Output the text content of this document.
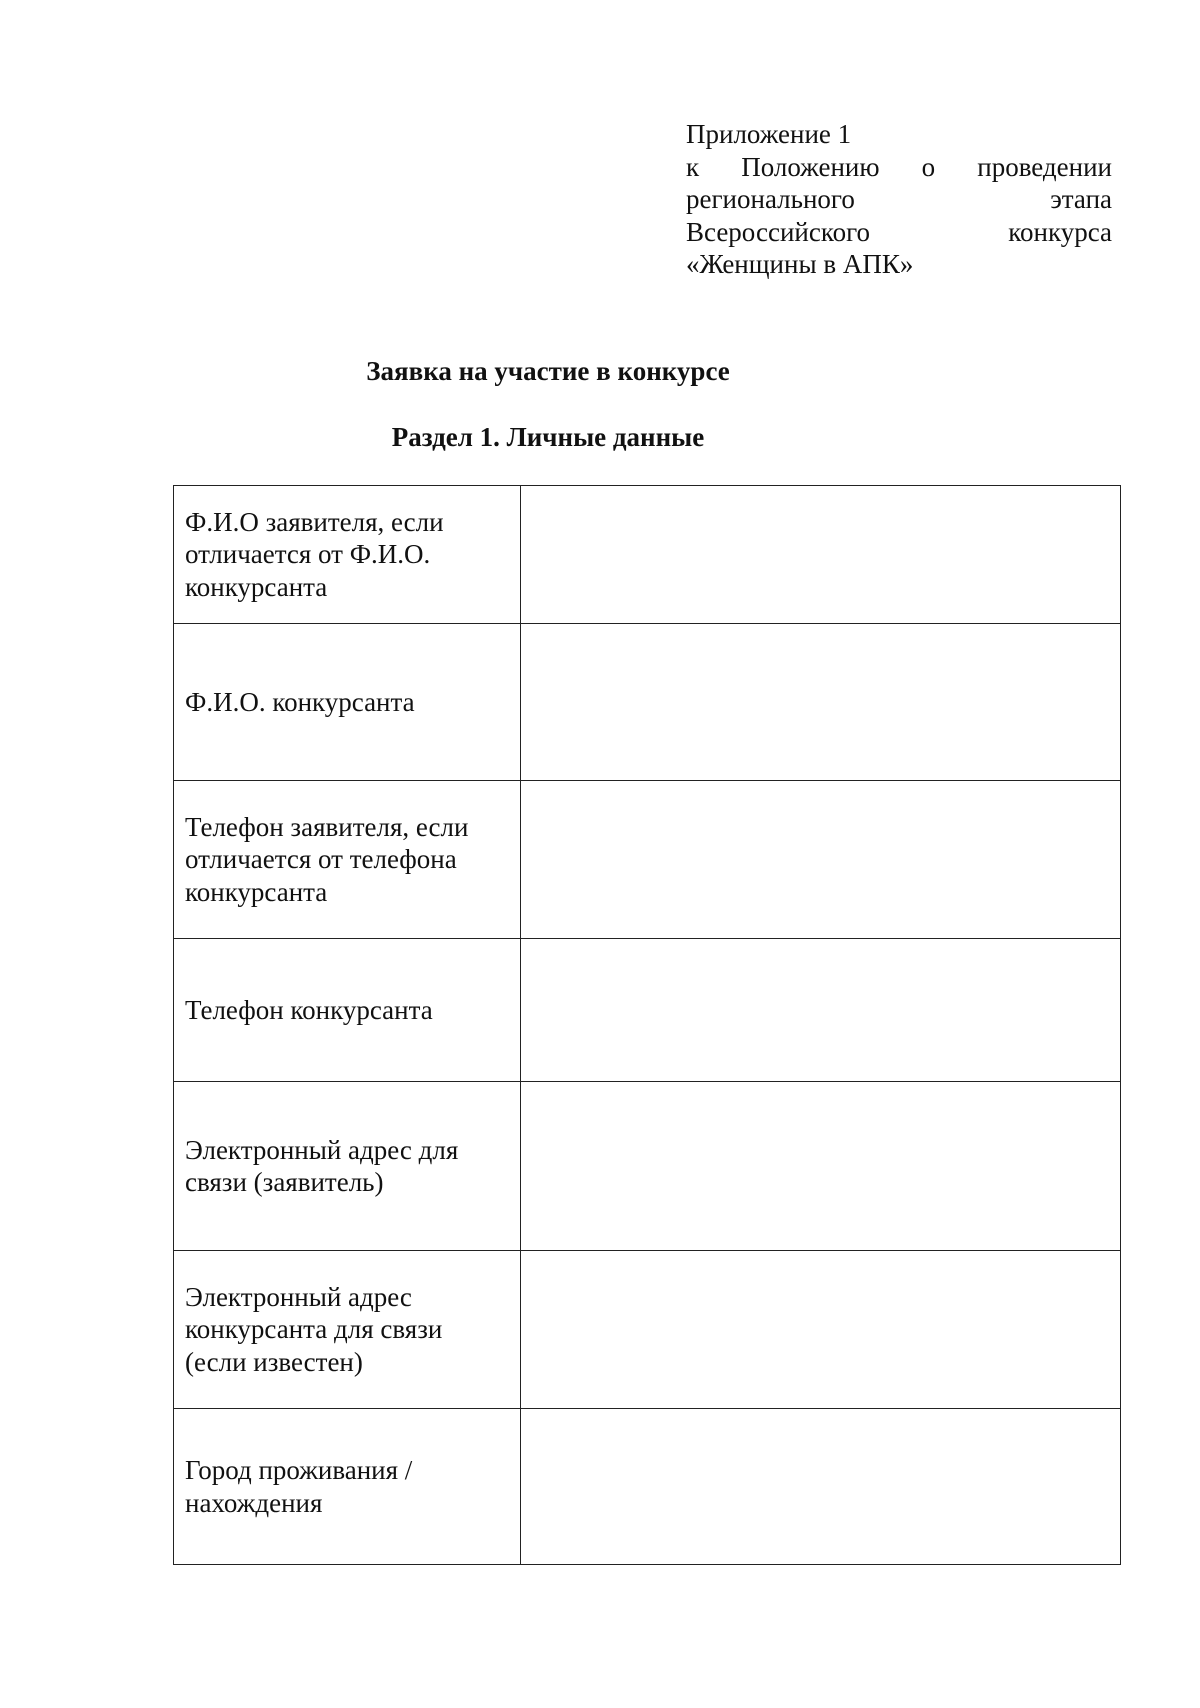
Приложение 1
к Положению о проведении
регионального	этапа
Всероссийского	конкурса
«Женщины в АПК»
Заявка на участие в конкурсе
Раздел 1. Личные данные
Ф.И.О заявителя, если отличается от Ф.И.О. конкурсанта	

Ф.И.О. конкурсанта	

Телефон заявителя, если отличается от телефона конкурсанта	

Телефон конкурсанта	

Электронный адрес для связи (заявитель)	

Электронный адрес конкурсанта для связи (если известен)	

Город проживания / нахождения	
